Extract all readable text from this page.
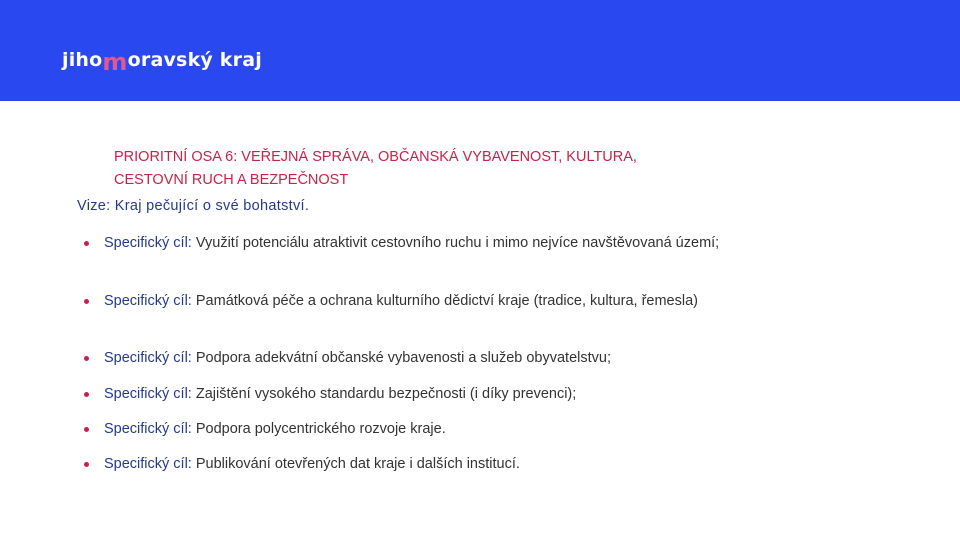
jihomoravský kraj
PRIORITNÍ OSA 6: VEŘEJNÁ SPRÁVA, OBČANSKÁ VYBAVENOST, KULTURA,
CESTOVNÍ RUCH A BEZPEČNOST
Vize: Kraj pečující o své bohatství.
Specifický cíl: Využití potenciálu atraktivit cestovního ruchu i mimo nejvíce navštěvovaná území;
Specifický cíl: Památková péče a ochrana kulturního dědictví kraje (tradice, kultura, řemesla)
Specifický cíl: Podpora adekvátní občanské vybavenosti a služeb obyvatelstvu;
Specifický cíl: Zajištění vysokého standardu bezpečnosti (i díky prevenci);
Specifický cíl: Podpora polycentrického rozvoje kraje.
Specifický cíl: Publikování otevřených dat kraje i dalších institucí.
